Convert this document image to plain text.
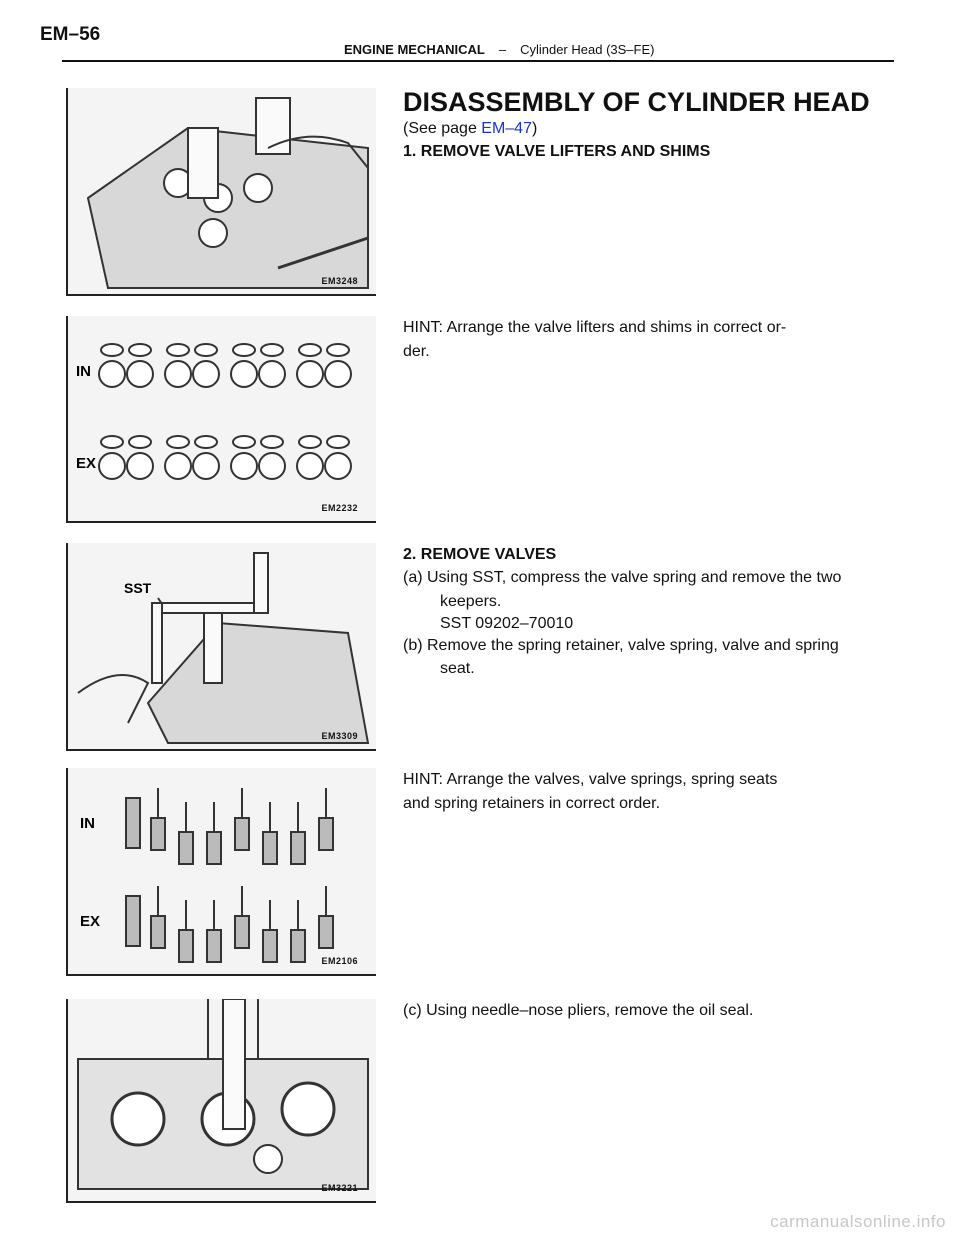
EM–56
ENGINE MECHANICAL – Cylinder Head (3S–FE)
EM3248
IN
EX
EM2232
SST
EM3309
IN
EX
EM2106
EM3221
DISASSEMBLY OF CYLINDER HEAD
(See page EM–47)
1. REMOVE VALVE LIFTERS AND SHIMS
HINT: Arrange the valve lifters and shims in correct or-
der.
2. REMOVE VALVES
(a) Using SST, compress the valve spring and remove the two
keepers.
SST 09202–70010
(b) Remove the spring retainer, valve spring, valve and spring
seat.
HINT: Arrange the valves, valve springs, spring seats
and spring retainers in correct order.
(c) Using needle–nose pliers, remove the oil seal.
carmanualsonline.info
